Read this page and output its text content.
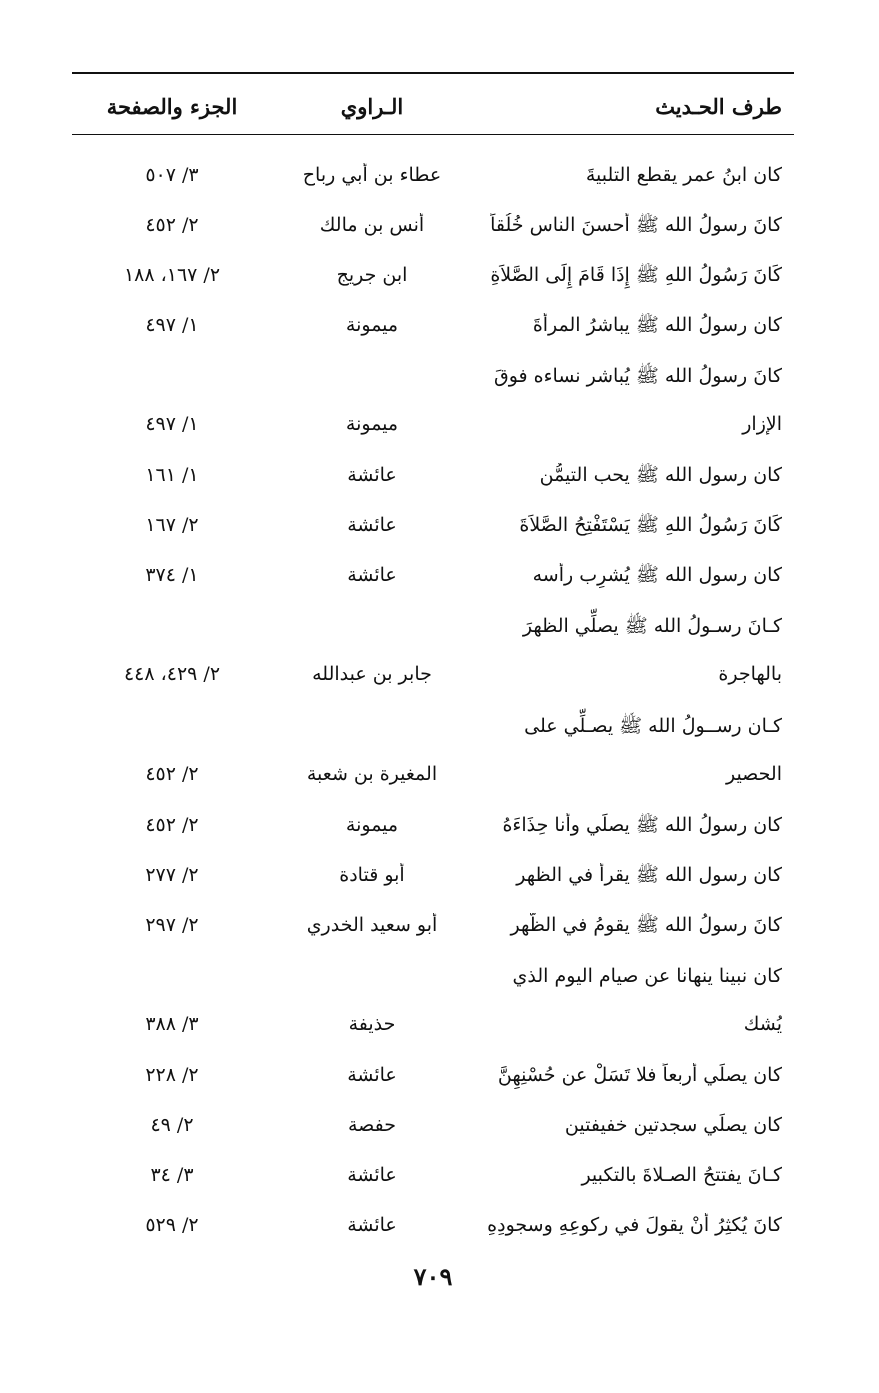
طرف الحـديث
الـراوي
الجزء والصفحة
كان ابنُ عمر يقطع التلبيةَ
عطاء بن أبي رباح
٣/ ٥٠٧
كانَ رسولُ الله ﷺ أحسنَ الناس خُلُقاً
أنس بن مالك
٢/ ٤٥٢
كَانَ رَسُولُ اللهِ ﷺ إِذَا قَامَ إِلَى الصَّلاَةِ
ابن جريج
٢/ ١٦٧، ١٨٨
كان رسولُ الله ﷺ يباشرُ المرأةَ
ميمونة
١/ ٤٩٧
كانَ رسولُ الله ﷺ يُباشر نساءه فوقَ الإزار
ميمونة
١/ ٤٩٧
كان رسول الله ﷺ يحب التيمُّن
عائشة
١/ ١٦١
كَانَ رَسُولُ اللهِ ﷺ يَسْتَفْتِحُ الصَّلاَةَ
عائشة
٢/ ١٦٧
كان رسول الله ﷺ يُشرِب رأسه
عائشة
١/ ٣٧٤
كـانَ رسـولُ الله ﷺ يصلِّي الظهرَ بالهاجرة
جابر بن عبدالله
٢/ ٤٢٩، ٤٤٨
كـان رســولُ الله ﷺ يصـلِّي على الحصير
المغيرة بن شعبة
٢/ ٤٥٢
كان رسولُ الله ﷺ يصلِّي وأنا حِذَاءَهُ
ميمونة
٢/ ٤٥٢
كان رسول الله ﷺ يقرأ في الظهر
أبو قتادة
٢/ ٢٧٧
كانَ رسولُ الله ﷺ يقومُ في الظُّهر
أبو سعيد الخدري
٢/ ٢٩٧
كان نبينا ينهانا عن صيام اليوم الذي يُشك
حذيفة
٣/ ٣٨٨
كان يصلِّي أربعاً فلا تَسَلْ عن حُسْنِهِنَّ
عائشة
٢/ ٢٢٨
كان يصلِّي سجدتين خفيفتين
حفصة
٢/ ٤٩
كـانَ يفتتحُ الصـلاةَ بالتكبير
عائشة
٣/ ٣٤
كانَ يُكثِرُ أَنْ يقولَ في ركوعِهِ وسجودِهِ
عائشة
٢/ ٥٢٩
٧٠٩
